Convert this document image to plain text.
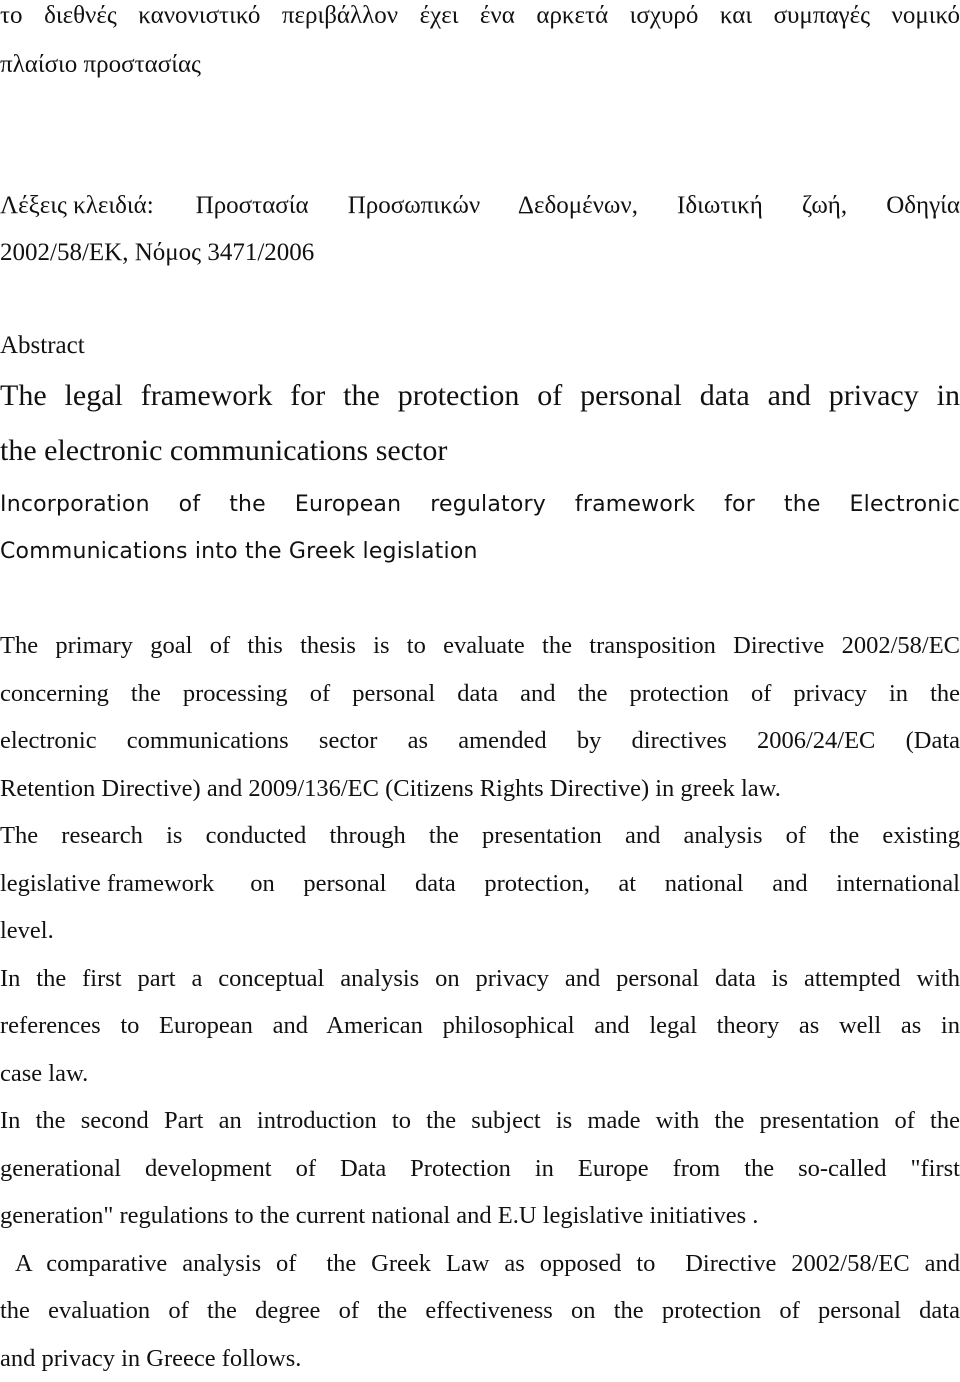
το διεθνές κανονιστικό περιβάλλον έχει ένα αρκετά ισχυρό και συμπαγές νομικό
πλαίσιο προστασίας
Λέξεις κλειδιά: Προστασία Προσωπικών Δεδομένων, Ιδιωτική ζωή, Οδηγία
2002/58/ΕΚ, Νόμος 3471/2006
Abstract
The legal framework for the protection of personal data and privacy in
the electronic communications sector
Incorporation of the European regulatory framework for the Electronic
Communications into the Greek legislation
The primary goal of this thesis is to evaluate the transposition Directive 2002/58/EC
concerning the processing of personal data and the protection of privacy in the
electronic communications sector as amended by directives 2006/24/EC (Data
Retention Directive) and 2009/136/EC (Citizens Rights Directive) in greek law.
The research is conducted through the presentation and analysis of the existing
legislative framework on personal data protection, at national and international
level.
In the first part a conceptual analysis on privacy and personal data is attempted with
references to European and American philosophical and legal theory as well as in
case law.
In the second Part an introduction to the subject is made with the presentation of the
generational development of Data Protection in Europe from the so-called "first
generation" regulations to the current national and E.U legislative initiatives .
A comparative analysis of  the Greek Law as opposed to  Directive 2002/58/EC and
the evaluation of the degree of the effectiveness on the protection of personal data
and privacy in Greece follows.
